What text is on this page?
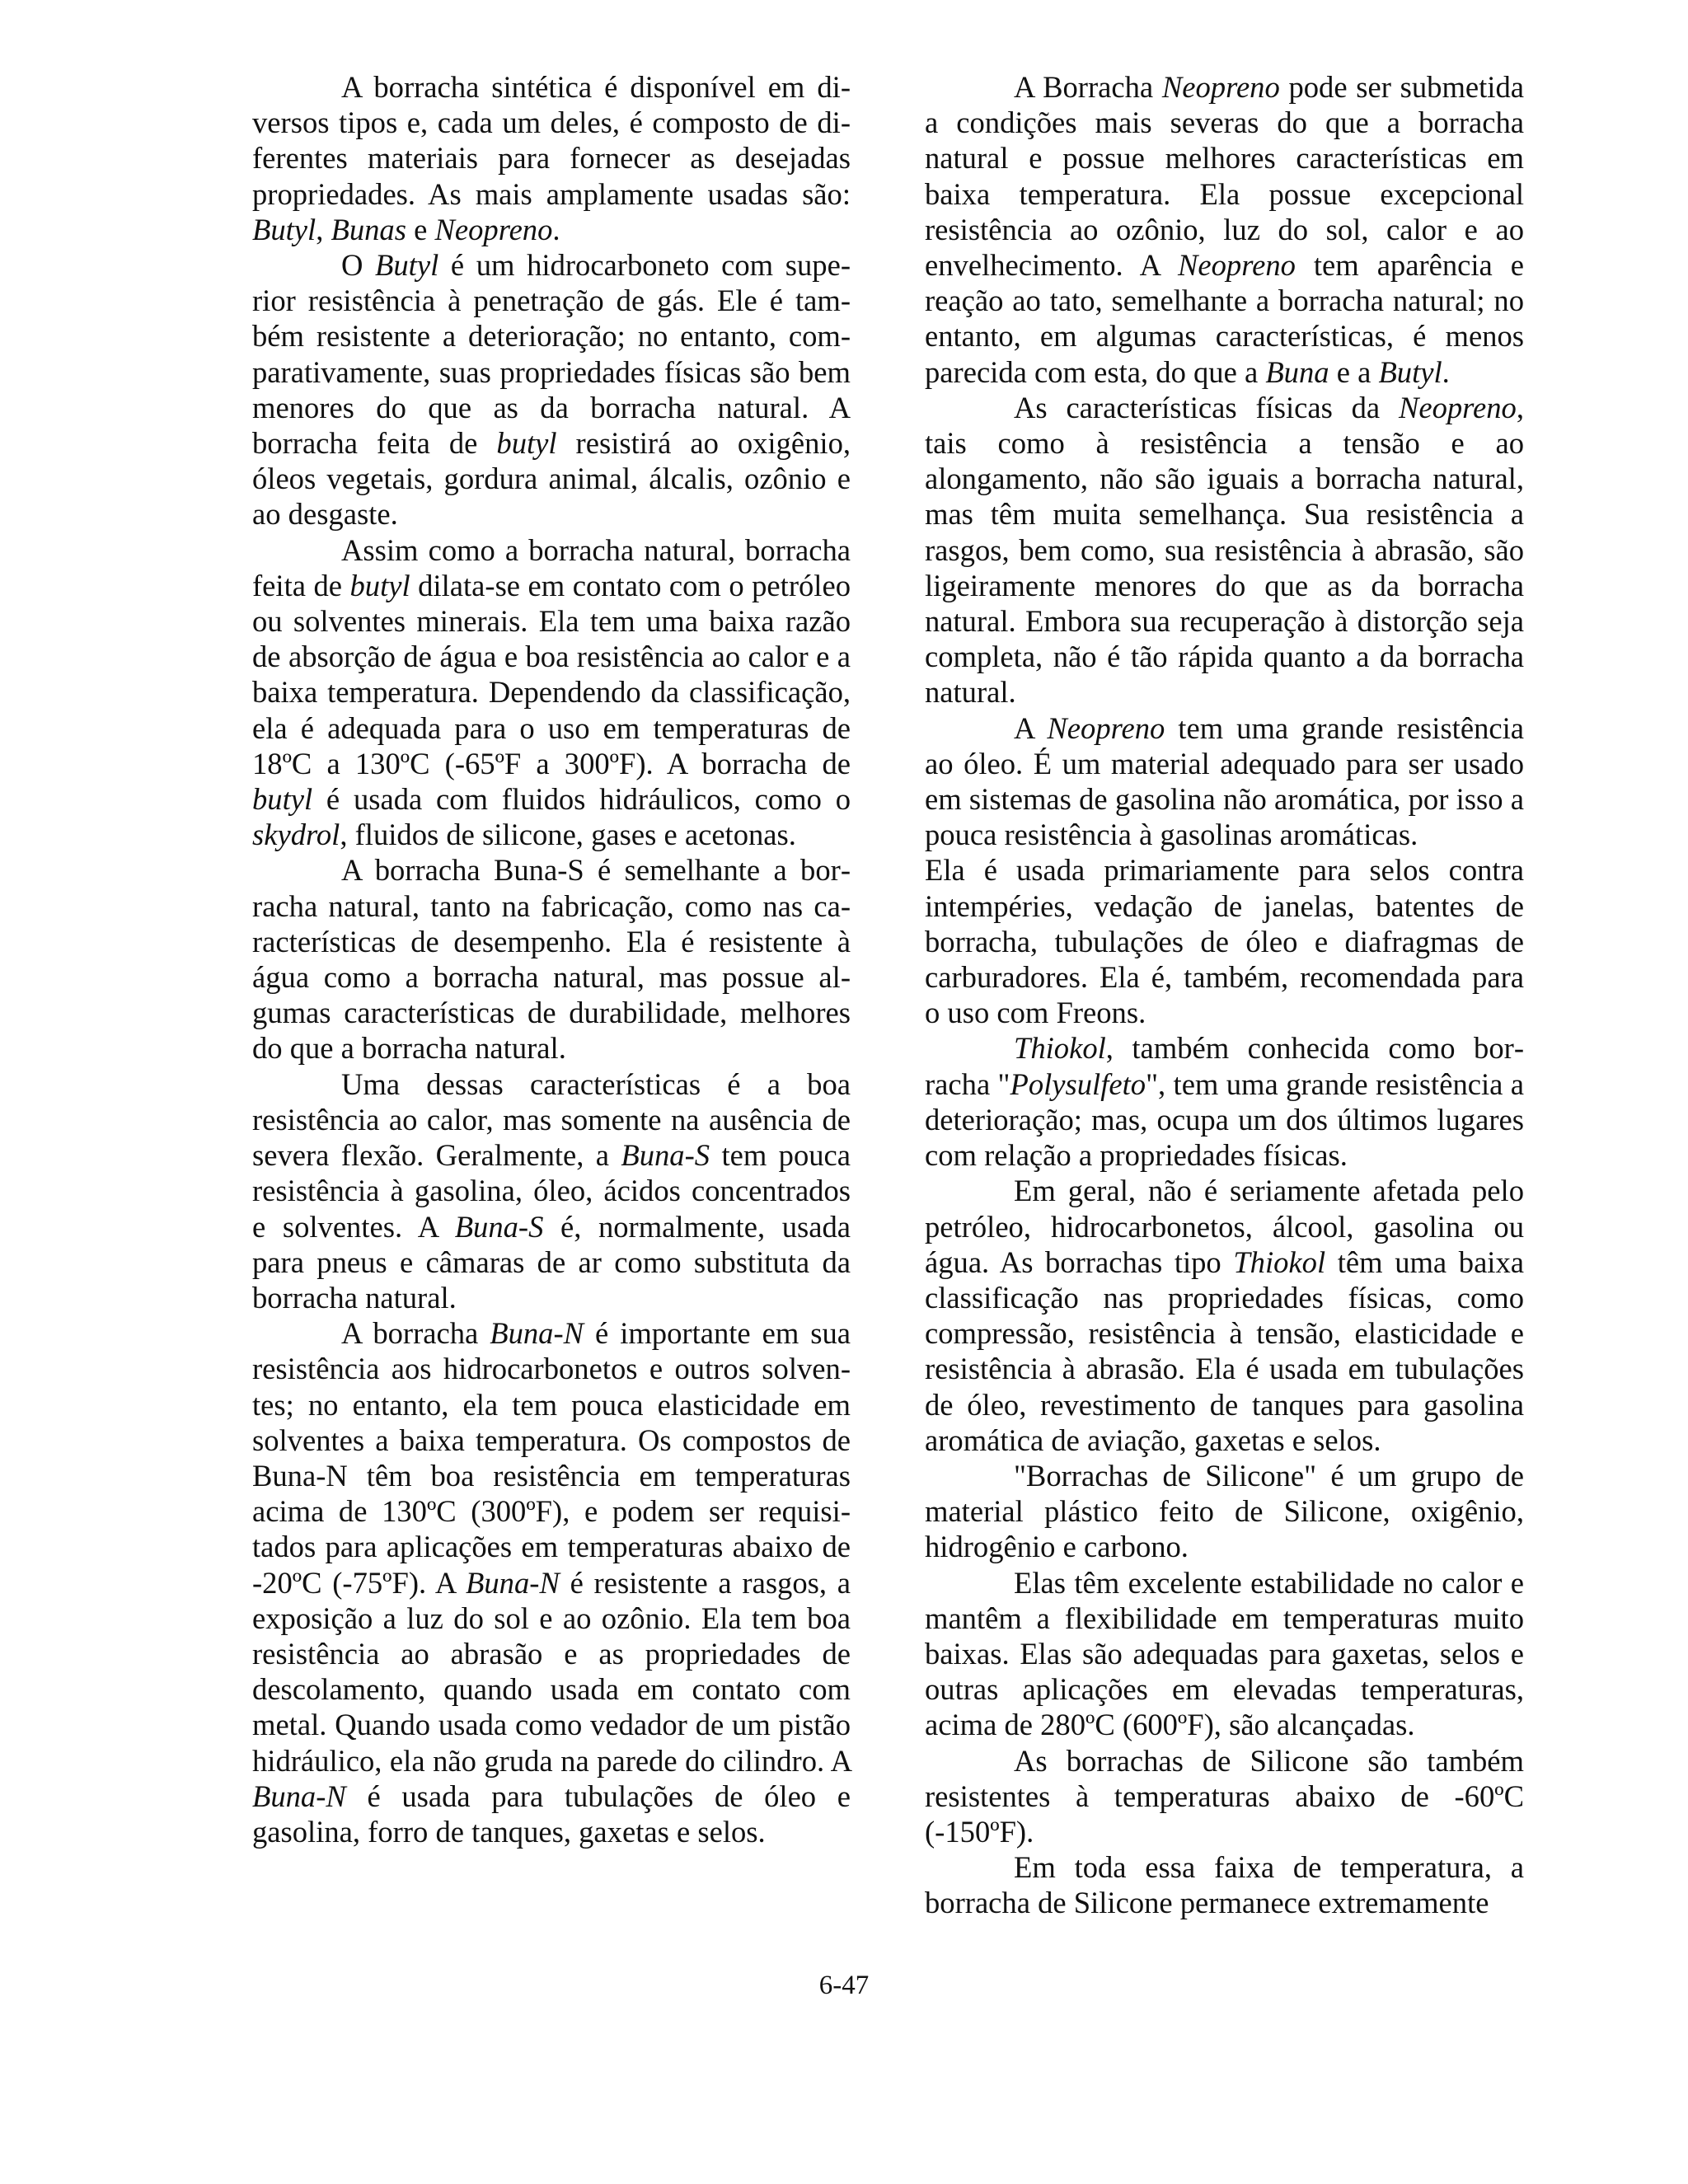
A borracha sintética é disponível em diversos tipos e, cada um deles, é composto de diferentes materiais para fornecer as desejadas propriedades. As mais amplamente usadas são: Butyl, Bunas e Neopreno.

O Butyl é um hidrocarboneto com superior resistência à penetração de gás. Ele é também resistente a deterioração; no entanto, comparativamente, suas propriedades físicas são bem menores do que as da borracha natural. A borracha feita de butyl resistirá ao oxigênio, óleos vegetais, gordura animal, álcalis, ozônio e ao desgaste.

Assim como a borracha natural, borracha feita de butyl dilata-se em contato com o petróleo ou solventes minerais. Ela tem uma baixa razão de absorção de água e boa resistência ao calor e a baixa temperatura. Dependendo da classificação, ela é adequada para o uso em temperaturas de 18ºC a 130ºC (-65ºF a 300ºF). A borracha de butyl é usada com fluidos hidráulicos, como o skydrol, fluidos de silicone, gases e acetonas.

A borracha Buna-S é semelhante a borracha natural, tanto na fabricação, como nas características de desempenho. Ela é resistente à água como a borracha natural, mas possue algumas características de durabilidade, melhores do que a borracha natural.

Uma dessas características é a boa resistência ao calor, mas somente na ausência de severa flexão. Geralmente, a Buna-S tem pouca resistência à gasolina, óleo, ácidos concentrados e solventes. A Buna-S é, normalmente, usada para pneus e câmaras de ar como substituta da borracha natural.

A borracha Buna-N é importante em sua resistência aos hidrocarbonetos e outros solventes; no entanto, ela tem pouca elasticidade em solventes a baixa temperatura. Os compostos de Buna-N têm boa resistência em temperaturas acima de 130ºC (300ºF), e podem ser requisitados para aplicações em temperaturas abaixo de -20ºC (-75ºF). A Buna-N é resistente a rasgos, a exposição a luz do sol e ao ozônio. Ela tem boa resistência ao abrasão e as propriedades de descolamento, quando usada em contato com metal. Quando usada como vedador de um pistão hidráulico, ela não gruda na parede do cilindro. A Buna-N é usada para tubulações de óleo e gasolina, forro de tanques, gaxetas e selos.

A Borracha Neopreno pode ser submetida a condições mais severas do que a borracha natural e possue melhores características em baixa temperatura. Ela possue excepcional resistência ao ozônio, luz do sol, calor e ao envelhecimento. A Neopreno tem aparência e reação ao tato, semelhante a borracha natural; no entanto, em algumas características, é menos parecida com esta, do que a Buna e a Butyl.

As características físicas da Neopreno, tais como à resistência a tensão e ao alongamento, não são iguais a borracha natural, mas têm muita semelhança. Sua resistência a rasgos, bem como, sua resistência à abrasão, são ligeiramente menores do que as da borracha natural. Embora sua recuperação à distorção seja completa, não é tão rápida quanto a da borracha natural.

A Neopreno tem uma grande resistência ao óleo. É um material adequado para ser usado em sistemas de gasolina não aromática, por isso a pouca resistência à gasolinas aromáticas.

Ela é usada primariamente para selos contra intempéries, vedação de janelas, batentes de borracha, tubulações de óleo e diafragmas de carburadores. Ela é, também, recomendada para o uso com Freons.

Thiokol, também conhecida como borracha "Polysulfeto", tem uma grande resistência a deterioração; mas, ocupa um dos últimos lugares com relação a propriedades físicas.

Em geral, não é seriamente afetada pelo petróleo, hidrocarbonetos, álcool, gasolina ou água. As borrachas tipo Thiokol têm uma baixa classificação nas propriedades físicas, como compressão, resistência à tensão, elasticidade e resistência à abrasão. Ela é usada em tubulações de óleo, revestimento de tanques para gasolina aromática de aviação, gaxetas e selos.

"Borrachas de Silicone" é um grupo de material plástico feito de Silicone, oxigênio, hidrogênio e carbono.

Elas têm excelente estabilidade no calor e mantêm a flexibilidade em temperaturas muito baixas. Elas são adequadas para gaxetas, selos e outras aplicações em elevadas temperaturas, acima de 280ºC (600ºF), são alcançadas.

As borrachas de Silicone são também resistentes à temperaturas abaixo de -60ºC (-150ºF).

Em toda essa faixa de temperatura, a borracha de Silicone permanece extremamente

6-47
